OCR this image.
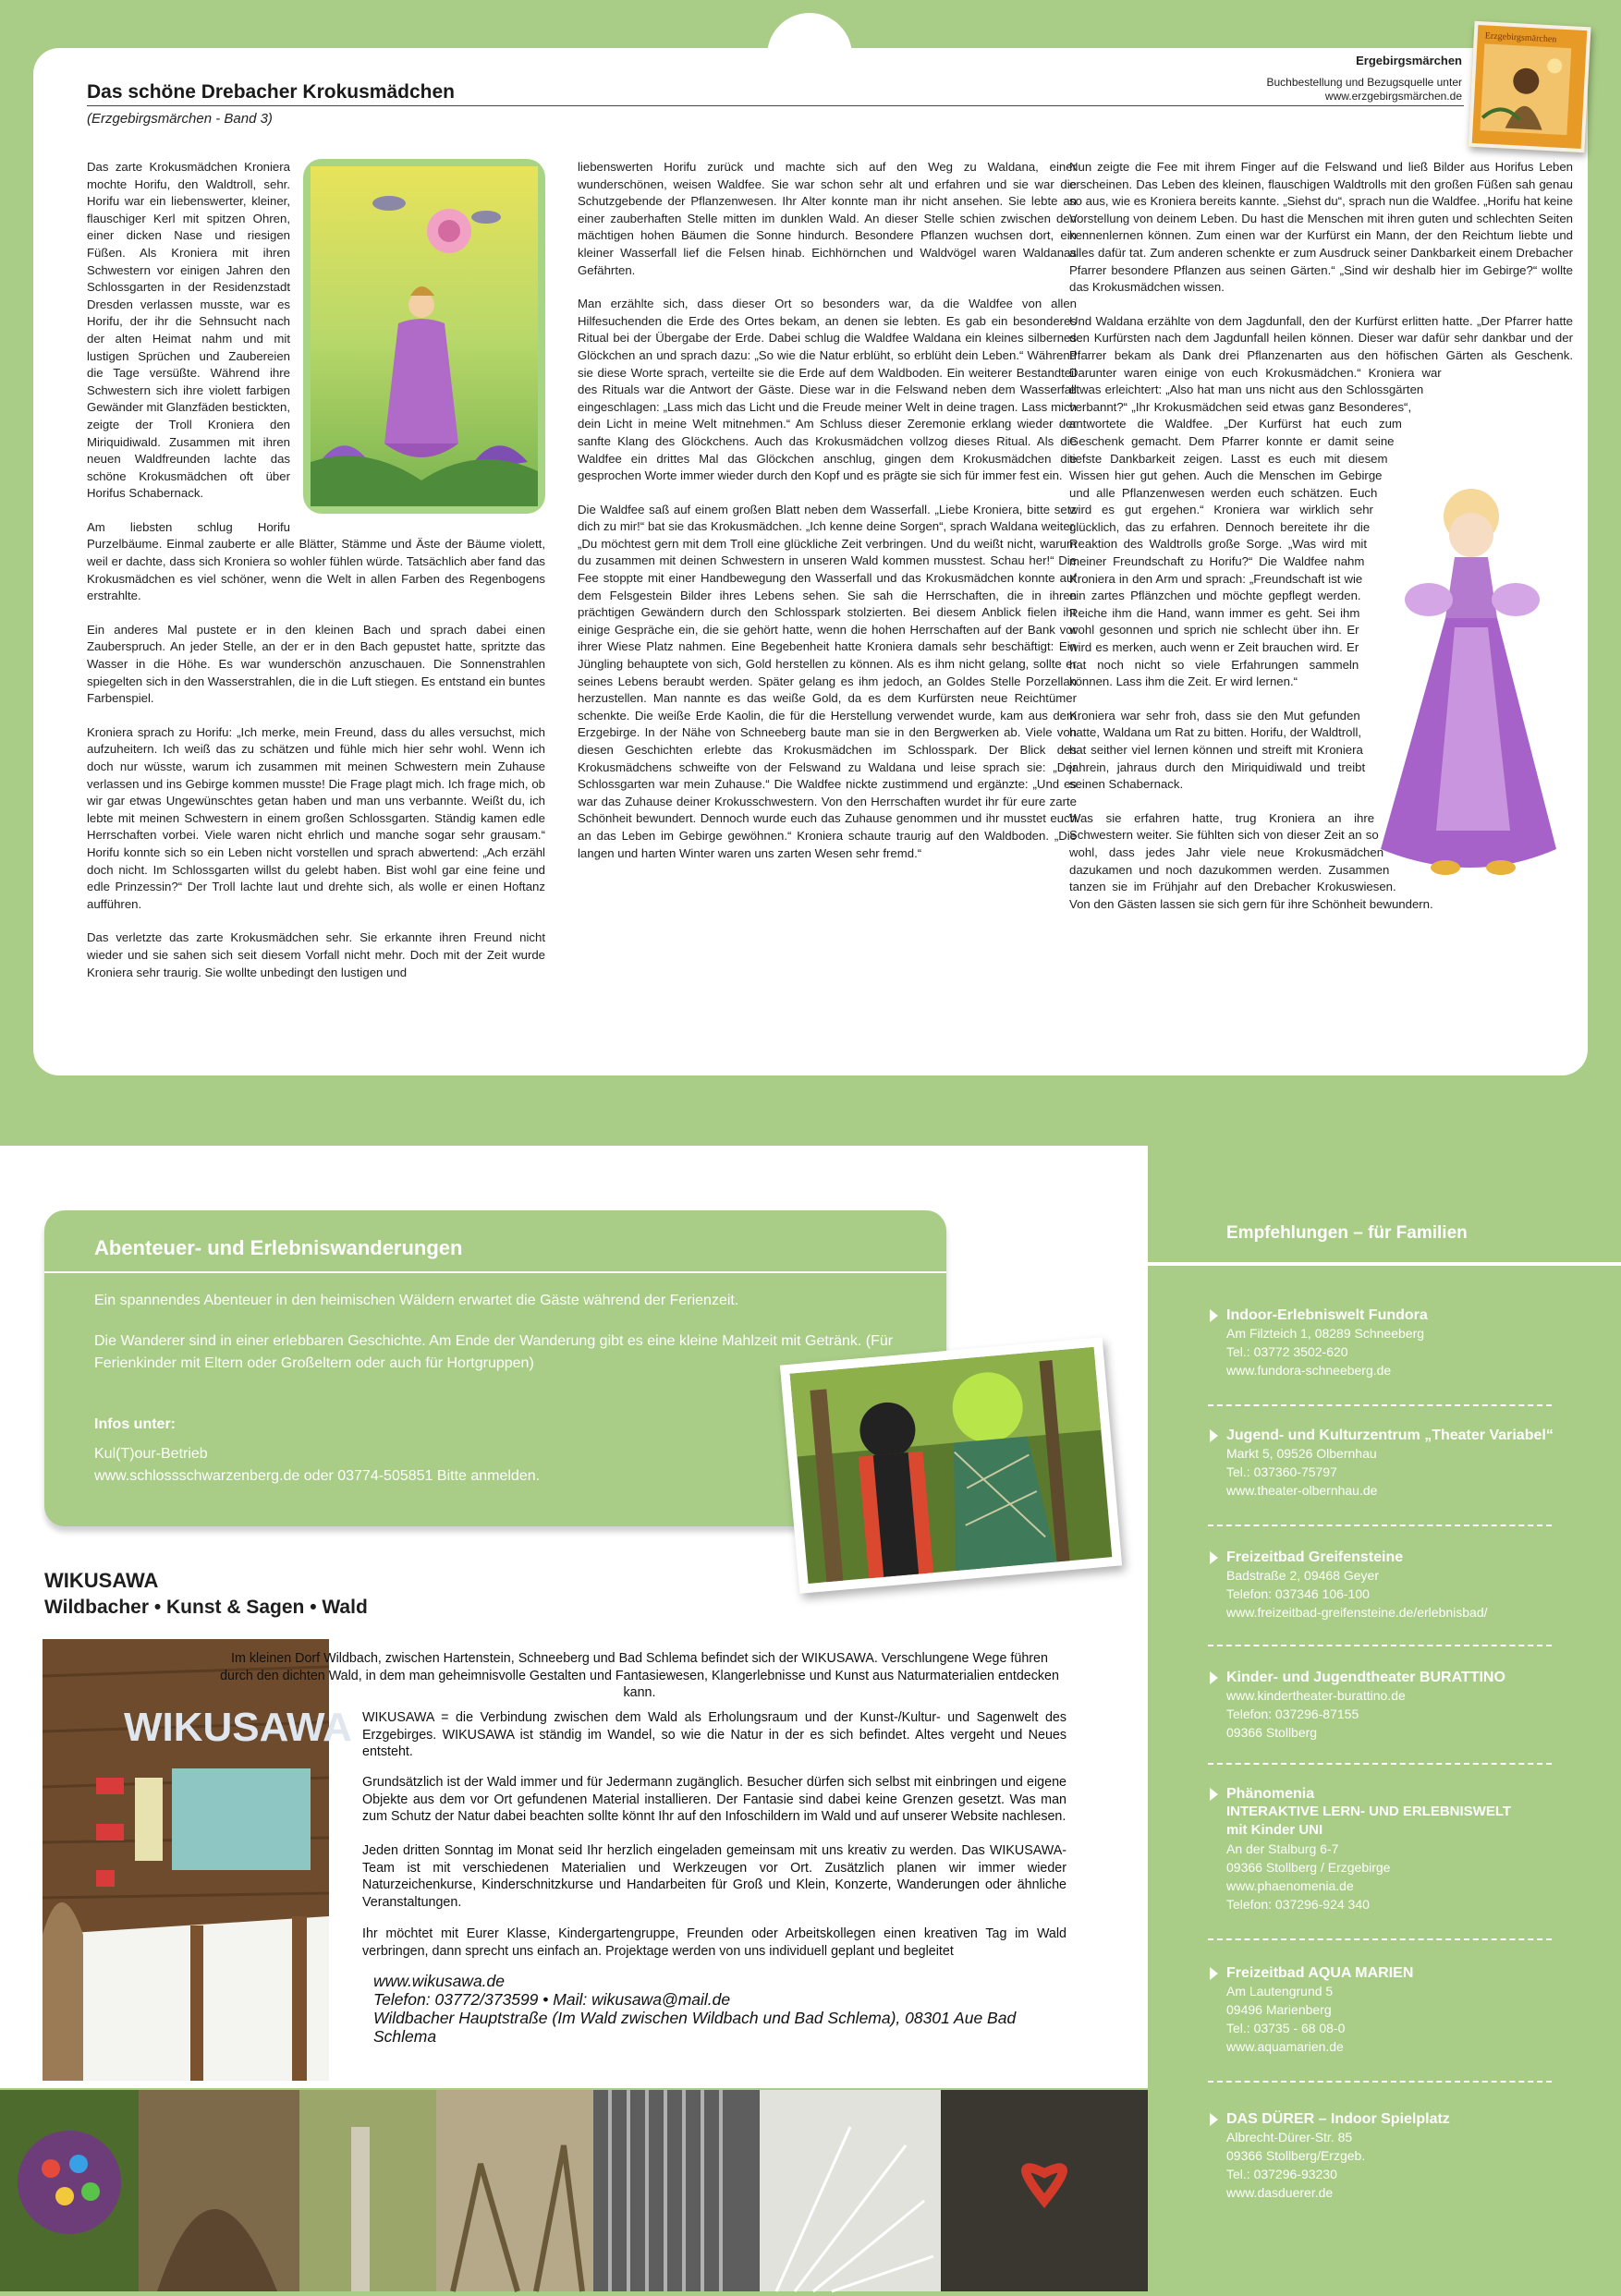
Das schöne Drebacher Krokusmädchen
(Erzgebirgsmärchen - Band 3)
Ergebirgsmärchen
Buchbestellung und Bezugsquelle unter
www.erzgebirgsmärchen.de
Erzgebirgsmärchen

Das zarte Krokusmädchen Kroniera mochte Horifu, den Waldtroll, sehr. Horifu war ein liebenswerter, kleiner, flauschiger Kerl mit spitzen Ohren, einer dicken Nase und riesigen Füßen. Als Kroniera mit ihren Schwestern vor einigen Jahren den Schlossgarten in der Residenzstadt Dresden verlassen musste, war es Horifu, der ihr die Sehnsucht nach der alten Heimat nahm und mit lustigen Sprüchen und Zaubereien die Tage versüßte. Während ihre Schwestern sich ihre violett farbigen Gewänder mit Glanzfäden bestickten, zeigte der Troll Kroniera den Miriquidiwald. Zusammen mit ihren neuen Waldfreunden lachte das schöne Krokusmädchen oft über Horifus Schabernack.

Am liebsten schlug Horifu Purzelbäume. Einmal zauberte er alle Blätter, Stämme und Äste der Bäume violett, weil er dachte, dass sich Kroniera so wohler fühlen würde. Tatsächlich aber fand das Krokusmädchen es viel schöner, wenn die Welt in allen Farben des Regenbogens erstrahlte.

Ein anderes Mal pustete er in den kleinen Bach und sprach dabei einen Zauberspruch. An jeder Stelle, an der er in den Bach gepustet hatte, spritzte das Wasser in die Höhe. Es war wunderschön anzuschauen. Die Sonnenstrahlen spiegelten sich in den Wasserstrahlen, die in die Luft stiegen. Es entstand ein buntes Farbenspiel.

Kroniera sprach zu Horifu: „Ich merke, mein Freund, dass du alles versuchst, mich aufzuheitern. Ich weiß das zu schätzen und fühle mich hier sehr wohl. Wenn ich doch nur wüsste, warum ich zusammen mit meinen Schwestern mein Zuhause verlassen und ins Gebirge kommen musste! Die Frage plagt mich. Ich frage mich, ob wir gar etwas Ungewünschtes getan haben und man uns verbannte. Weißt du, ich lebte mit meinen Schwestern in einem großen Schlossgarten. Ständig kamen edle Herrschaften vorbei. Viele waren nicht ehrlich und manche sogar sehr grausam.“ Horifu konnte sich so ein Leben nicht vorstellen und sprach abwertend: „Ach erzähl doch nicht. Im Schlossgarten willst du gelebt haben. Bist wohl gar eine feine und edle Prinzessin?“ Der Troll lachte laut und drehte sich, als wolle er einen Hoftanz aufführen.

Das verletzte das zarte Krokusmädchen sehr. Sie erkannte ihren Freund nicht wieder und sie sahen sich seit diesem Vorfall nicht mehr. Doch mit der Zeit wurde Kroniera sehr traurig. Sie wollte unbedingt den lustigen und

liebenswerten Horifu zurück und machte sich auf den Weg zu Waldana, einer wunderschönen, weisen Waldfee. Sie war schon sehr alt und erfahren und sie war die Schutzgebende der Pflanzenwesen. Ihr Alter konnte man ihr nicht ansehen. Sie lebte an einer zauberhaften Stelle mitten im dunklen Wald. An dieser Stelle schien zwischen den mächtigen hohen Bäumen die Sonne hindurch. Besondere Pflanzen wuchsen dort, ein kleiner Wasserfall lief die Felsen hinab. Eichhörnchen und Waldvögel waren Waldanas Gefährten.

Man erzählte sich, dass dieser Ort so besonders war, da die Waldfee von allen Hilfesuchenden die Erde des Ortes bekam, an denen sie lebten. Es gab ein besonderes Ritual bei der Übergabe der Erde. Dabei schlug die Waldfee Waldana ein kleines silbernes Glöckchen an und sprach dazu: „So wie die Natur erblüht, so erblüht dein Leben.“ Während sie diese Worte sprach, verteilte sie die Erde auf dem Waldboden. Ein weiterer Bestandteil des Rituals war die Antwort der Gäste. Diese war in die Felswand neben dem Wasserfall eingeschlagen: „Lass mich das Licht und die Freude meiner Welt in deine tragen. Lass mich dein Licht in meine Welt mitnehmen.“ Am Schluss dieser Zeremonie erklang wieder der sanfte Klang des Glöckchens. Auch das Krokusmädchen vollzog dieses Ritual. Als die Waldfee ein drittes Mal das Glöckchen anschlug, gingen dem Krokusmädchen die gesprochen Worte immer wieder durch den Kopf und es prägte sie sich für immer fest ein.

Die Waldfee saß auf einem großen Blatt neben dem Wasserfall. „Liebe Kroniera, bitte setz dich zu mir!“ bat sie das Krokusmädchen. „Ich kenne deine Sorgen“, sprach Waldana weiter. „Du möchtest gern mit dem Troll eine glückliche Zeit verbringen. Und du weißt nicht, warum du zusammen mit deinen Schwestern in unseren Wald kommen musstest. Schau her!“ Die Fee stoppte mit einer Handbewegung den Wasserfall und das Krokusmädchen konnte auf dem Felsgestein Bilder ihres Lebens sehen. Sie sah die Herrschaften, die in ihren prächtigen Gewändern durch den Schlosspark stolzierten. Bei diesem Anblick fielen ihr einige Gespräche ein, die sie gehört hatte, wenn die hohen Herrschaften auf der Bank vor ihrer Wiese Platz nahmen. Eine Begebenheit hatte Kroniera damals sehr beschäftigt: Ein Jüngling behauptete von sich, Gold herstellen zu können. Als es ihm nicht gelang, sollte er seines Lebens beraubt werden. Später gelang es ihm jedoch, an Goldes Stelle Porzellan herzustellen. Man nannte es das weiße Gold, da es dem Kurfürsten neue Reichtümer schenkte. Die weiße Erde Kaolin, die für die Herstellung verwendet wurde, kam aus dem Erzgebirge. In der Nähe von Schneeberg baute man sie in den Bergwerken ab. Viele von diesen Geschichten erlebte das Krokusmädchen im Schlosspark. Der Blick des Krokusmädchens schweifte von der Felswand zu Waldana und leise sprach sie: „Der Schlossgarten war mein Zuhause.“ Die Waldfee nickte zustimmend und ergänzte: „Und es war das Zuhause deiner Krokusschwestern. Von den Herrschaften wurdet ihr für eure zarte Schönheit bewundert. Dennoch wurde euch das Zuhause genommen und ihr musstet euch an das Leben im Gebirge gewöhnen.“ Kroniera schaute traurig auf den Waldboden. „Die langen und harten Winter waren uns zarten Wesen sehr fremd.“

Nun zeigte die Fee mit ihrem Finger auf die Felswand und ließ Bilder aus Horifus Leben erscheinen. Das Leben des kleinen, flauschigen Waldtrolls mit den großen Füßen sah genau so aus, wie es Kroniera bereits kannte. „Siehst du“, sprach nun die Waldfee. „Horifu hat keine Vorstellung von deinem Leben. Du hast die Menschen mit ihren guten und schlechten Seiten kennenlernen können. Zum einen war der Kurfürst ein Mann, der den Reichtum liebte und alles dafür tat. Zum anderen schenkte er zum Ausdruck seiner Dankbarkeit einem Drebacher Pfarrer besondere Pflanzen aus seinen Gärten.“ „Sind wir deshalb hier im Gebirge?“ wollte das Krokusmädchen wissen.

Und Waldana erzählte von dem Jagdunfall, den der Kurfürst erlitten hatte. „Der Pfarrer hatte den Kurfürsten nach dem Jagdunfall heilen können. Dieser war dafür sehr dankbar und der Pfarrer bekam als Dank drei Pflanzenarten aus den höfischen Gärten als Geschenk. Darunter waren einige von euch Krokusmädchen.“ Kroniera war etwas erleichtert: „Also hat man uns nicht aus den Schlossgärten verbannt?“ „Ihr Krokusmädchen seid etwas ganz Besonderes“, antwortete die Waldfee. „Der Kurfürst hat euch zum Geschenk gemacht. Dem Pfarrer konnte er damit seine tiefste Dankbarkeit zeigen. Lasst es euch mit diesem Wissen hier gut gehen. Auch die Menschen im Gebirge und alle Pflanzenwesen werden euch schätzen. Euch wird es gut ergehen.“ Kroniera war wirklich sehr glücklich, das zu erfahren. Dennoch bereitete ihr die Reaktion des Waldtrolls große Sorge. „Was wird mit meiner Freundschaft zu Horifu?“ Die Waldfee nahm Kroniera in den Arm und sprach: „Freundschaft ist wie ein zartes Pflänzchen und möchte gepflegt werden. Reiche ihm die Hand, wann immer es geht. Sei ihm wohl gesonnen und sprich nie schlecht über ihn. Er wird es merken, auch wenn er Zeit brauchen wird. Er hat noch nicht so viele Erfahrungen sammeln können. Lass ihm die Zeit. Er wird lernen.“

Kroniera war sehr froh, dass sie den Mut gefunden hatte, Waldana um Rat zu bitten. Horifu, der Waldtroll, hat seither viel lernen können und streift mit Kroniera jahrein, jahraus durch den Miriquidiwald und treibt seinen Schabernack.

Was sie erfahren hatte, trug Kroniera an ihre Schwestern weiter. Sie fühlten sich von dieser Zeit an so wohl, dass jedes Jahr viele neue Krokusmädchen dazukamen und noch dazukommen werden. Zusammen tanzen sie im Frühjahr auf den Drebacher Krokuswiesen. Von den Gästen lassen sie sich gern für ihre Schönheit bewundern.

Abenteuer- und Erlebniswanderungen
Ein spannendes Abenteuer in den heimischen Wäldern erwartet die Gäste während der Ferienzeit.
Die Wanderer sind in einer erlebbaren Geschichte. Am Ende der Wanderung gibt es eine kleine Mahlzeit mit Getränk. (Für Ferienkinder mit Eltern oder Großeltern oder auch für Hortgruppen)
Infos unter:
Kul(T)our-Betrieb
www.schlossschwarzenberg.de oder 03774-505851 Bitte anmelden.
WIKUSAWA
Wildbacher • Kunst & Sagen • Wald
WIKUSAWA
Im kleinen Dorf Wildbach, zwischen Hartenstein, Schneeberg und Bad Schlema befindet sich der WIKUSAWA. Verschlungene Wege führen durch den dichten Wald, in dem man geheimnisvolle Gestalten und Fantasiewesen, Klangerlebnisse und Kunst aus Naturmaterialien entdecken kann.
WIKUSAWA = die Verbindung zwischen dem Wald als Erholungsraum und der Kunst-/Kultur- und Sagenwelt des Erzgebirges. WIKUSAWA ist ständig im Wandel, so wie die Natur in der es sich befindet. Altes vergeht und Neues entsteht.
Grundsätzlich ist der Wald immer und für Jedermann zugänglich. Besucher dürfen sich selbst mit einbringen und eigene Objekte aus dem vor Ort gefundenen Material installieren. Der Fantasie sind dabei keine Grenzen gesetzt. Was man zum Schutz der Natur dabei beachten sollte könnt Ihr auf den Infoschildern im Wald und auf unserer Website nachlesen.
Jeden dritten Sonntag im Monat seid Ihr herzlich eingeladen gemeinsam mit uns kreativ zu werden. Das WIKUSAWA-Team ist mit verschiedenen Materialien und Werkzeugen vor Ort. Zusätzlich planen wir immer wieder Naturzeichenkurse, Kinderschnitzkurse und Handarbeiten für Groß und Klein, Konzerte, Wanderungen oder ähnliche Veranstaltungen.
Ihr möchtet mit Eurer Klasse, Kindergartengruppe, Freunden oder Arbeitskollegen einen kreativen Tag im Wald verbringen, dann sprecht uns einfach an. Projektage werden von uns individuell geplant und begleitet
www.wikusawa.de
Telefon: 03772/373599 • Mail: wikusawa@mail.de
Wildbacher Hauptstraße (Im Wald zwischen Wildbach und Bad Schlema), 08301 Aue Bad Schlema
Empfehlungen – für Familien
Indoor-Erlebniswelt Fundora
Am Filzteich 1, 08289 Schneeberg
Tel.: 03772 3502-620
www.fundora-schneeberg.de
Jugend- und Kulturzentrum „Theater Variabel“
Markt 5, 09526 Olbernhau
Tel.: 037360-75797
www.theater-olbernhau.de
Freizeitbad Greifensteine
Badstraße 2, 09468 Geyer
Telefon: 037346 106-100
www.freizeitbad-greifensteine.de/erlebnisbad/
Kinder- und Jugendtheater BURATTINO
www.kindertheater-burattino.de
Telefon: 037296-87155
09366 Stollberg
Phänomenia
INTERAKTIVE LERN- UND ERLEBNISWELT
mit Kinder UNI
An der Stalburg 6-7
09366 Stollberg / Erzgebirge
www.phaenomenia.de
Telefon: 037296-924 340
Freizeitbad AQUA MARIEN
Am Lautengrund 5
09496 Marienberg
Tel.: 03735 - 68 08-0
www.aquamarien.de
DAS DÜRER – Indoor Spielplatz
Albrecht-Dürer-Str. 85
09366 Stollberg/Erzgeb.
Tel.: 037296-93230
www.dasduerer.de
